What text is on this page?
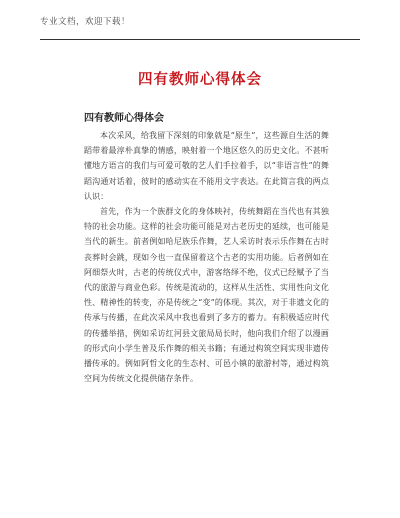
专业文档，欢迎下载！
四有教师心得体会
四有教师心得体会

本次采风，给我留下深刻的印象就是“原生”，这些源自生活的舞蹈带着最淳朴真挚的情感，映射着一个地区悠久的历史文化。不甚听懂地方语言的我们与可爱可敬的艺人们手拉着手，以“非语言性”的舞蹈沟通对话着，彼时的感动实在不能用文字表达。在此简言我的两点认识：

首先，作为一个族群文化的身体映衬，传统舞蹈在当代也有其独特的社会功能。这样的社会功能可能是对古老历史的延续，也可能是当代的新生。前者例如哈尼族乐作舞，艺人采访时表示乐作舞在古时丧葬时会跳，现如今也一直保留着这个古老的实用功能。后者例如在阿细祭火时，古老的传统仪式中，游客络绎不绝，仪式已经赋予了当代的旅游与商业色彩。传统是流动的，这样从生活性、实用性向文化性、精神性的转变，亦是传统之“变”的体现。其次，对于非遗文化的传承与传播，在此次采风中我也看到了多方的蓄力。有积极适应时代的传播举措，例如采访红河县文旅局局长时，他向我们介绍了以漫画的形式向小学生普及乐作舞的相关书籍；有通过构筑空间实现非遗传播传承的。例如阿哲文化的生态村、可邑小镇的旅游村等，通过构筑空间为传统文化提供储存条件。
